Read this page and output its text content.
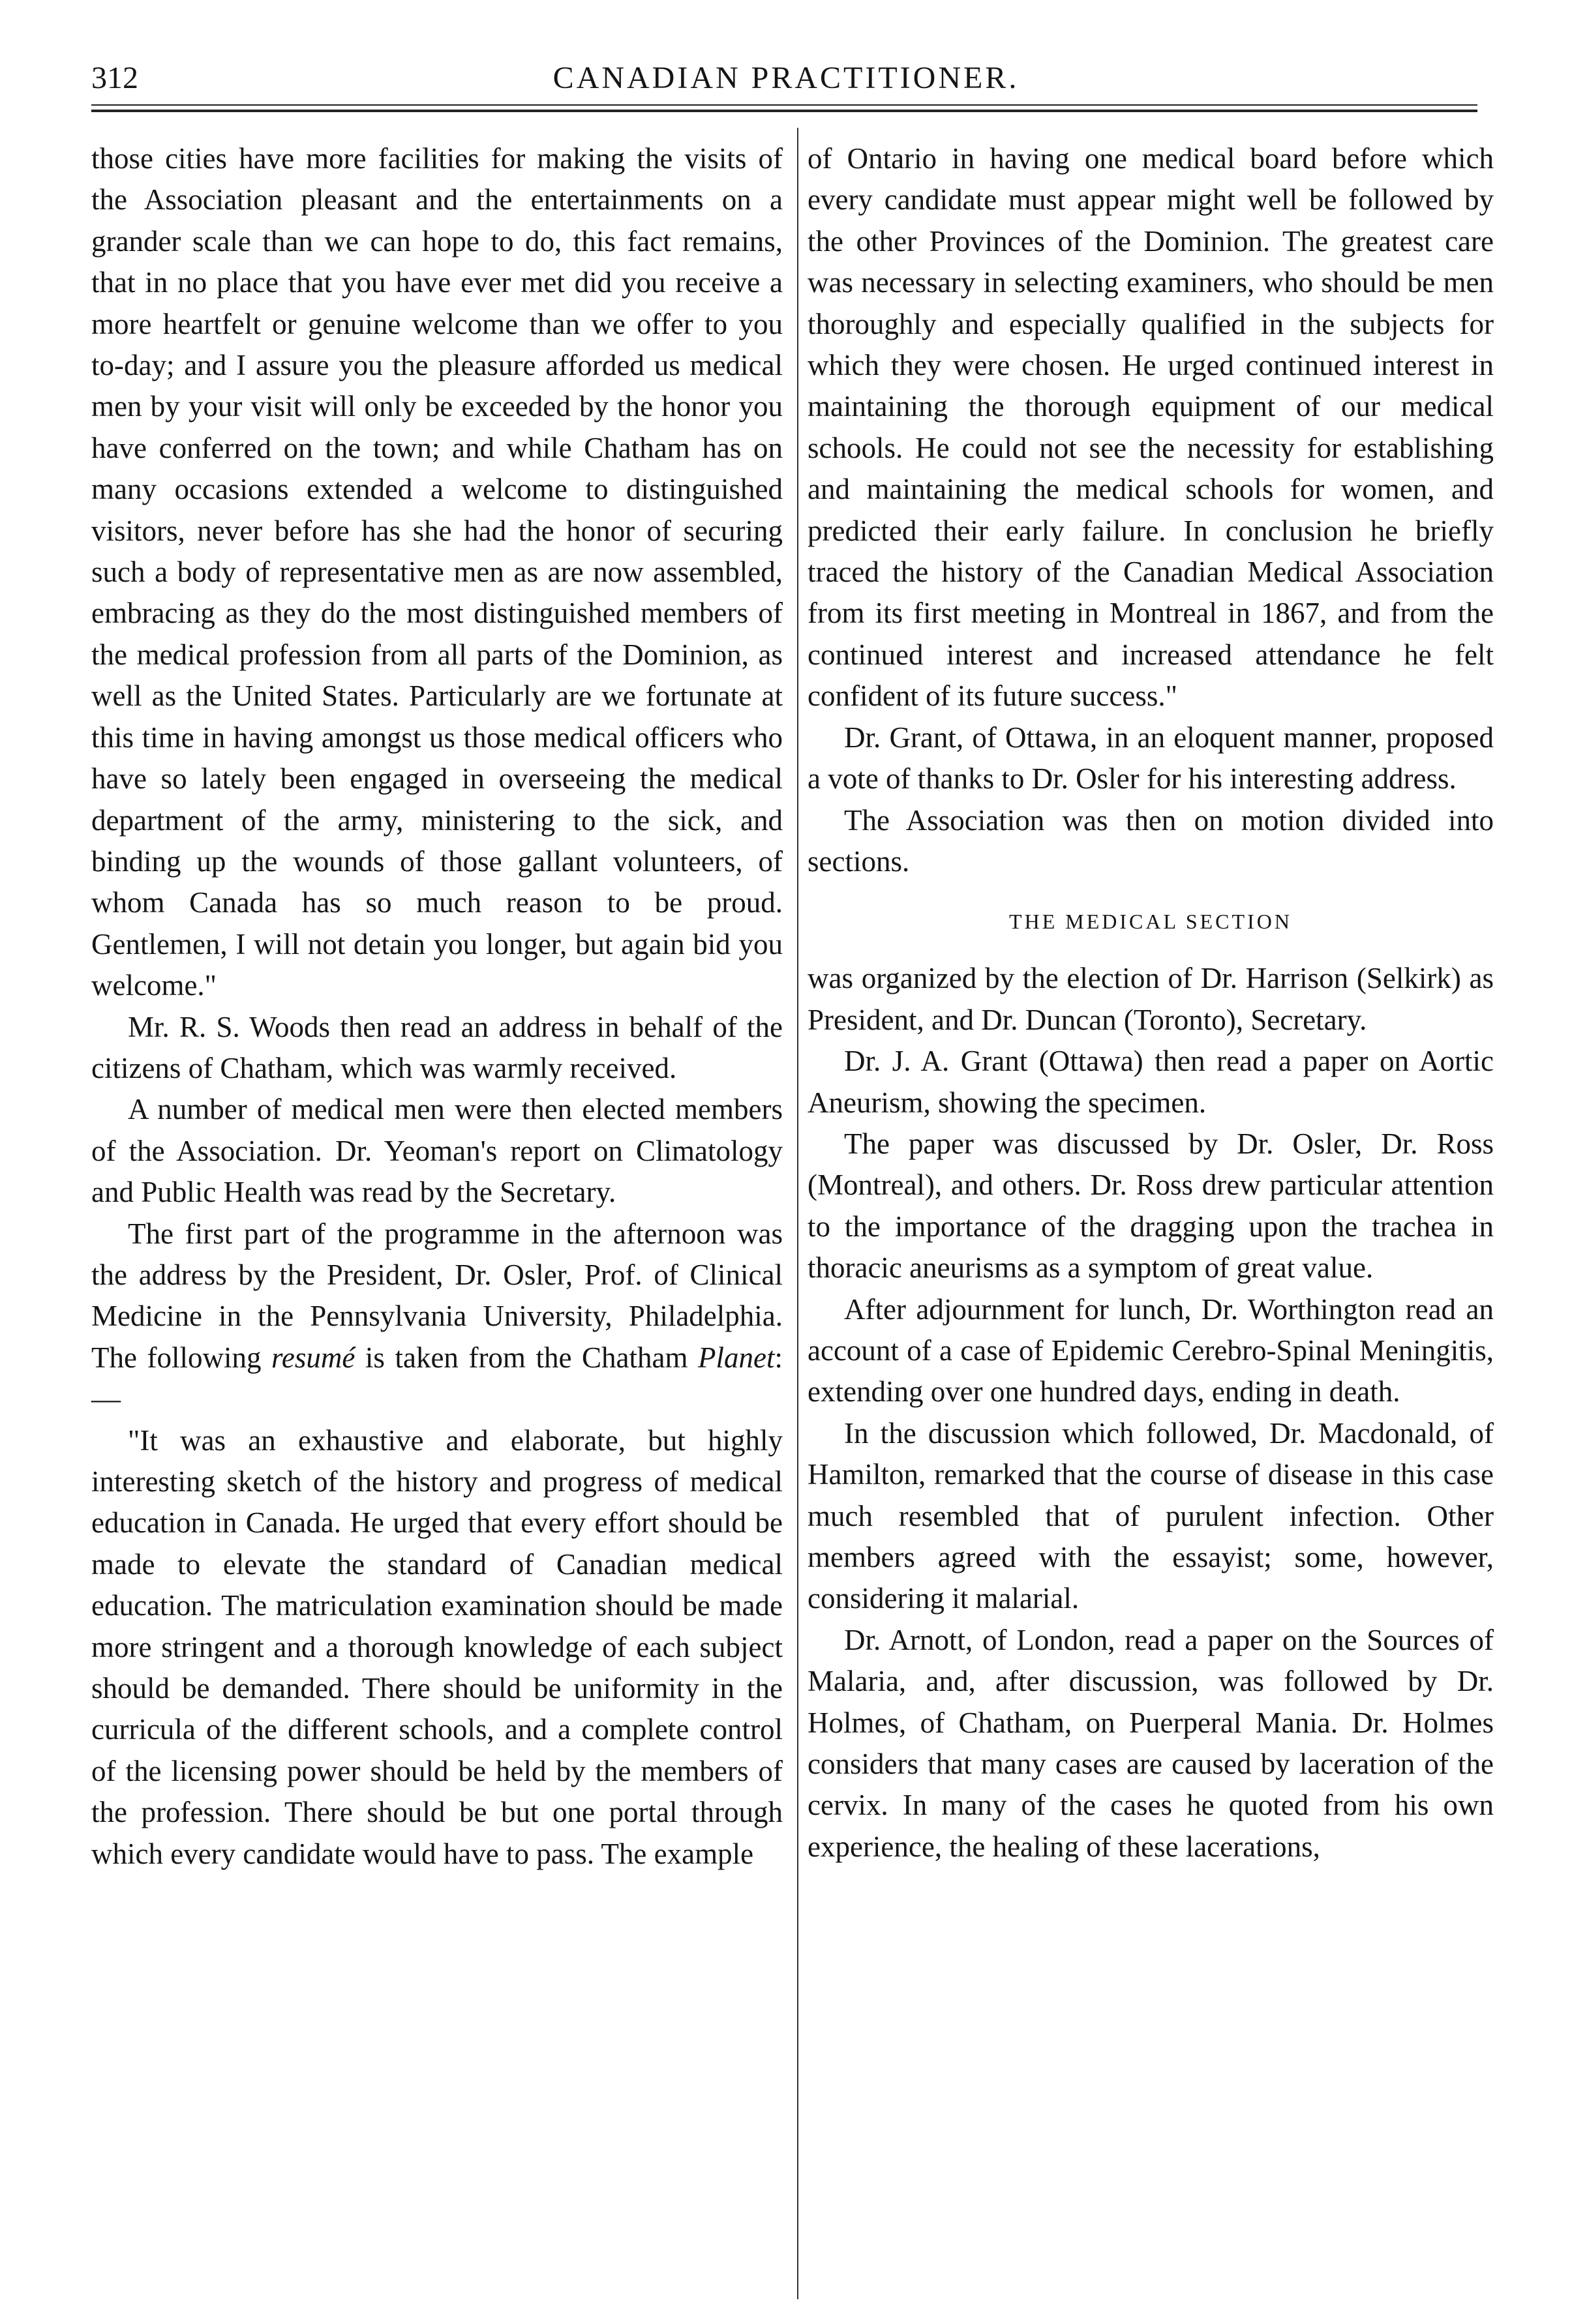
312	CANADIAN PRACTITIONER.

those cities have more facilities for making the visits of the Association pleasant and the entertainments on a grander scale than we can hope to do, this fact remains, that in no place that you have ever met did you receive a more heartfelt or genuine welcome than we offer to you to-day; and I assure you the pleasure afforded us medical men by your visit will only be exceeded by the honor you have conferred on the town; and while Chatham has on many occasions extended a welcome to distinguished visitors, never before has she had the honor of securing such a body of representative men as are now assembled, embracing as they do the most distinguished members of the medical profession from all parts of the Dominion, as well as the United States. Particularly are we fortunate at this time in having amongst us those medical officers who have so lately been engaged in overseeing the medical department of the army, ministering to the sick, and binding up the wounds of those gallant volunteers, of whom Canada has so much reason to be proud. Gentlemen, I will not detain you longer, but again bid you welcome."

Mr. R. S. Woods then read an address in behalf of the citizens of Chatham, which was warmly received.

A number of medical men were then elected members of the Association. Dr. Yeoman's report on Climatology and Public Health was read by the Secretary.

The first part of the programme in the afternoon was the address by the President, Dr. Osler, Prof. of Clinical Medicine in the Pennsylvania University, Philadelphia. The following resumé is taken from the Chatham Planet:—

"It was an exhaustive and elaborate, but highly interesting sketch of the history and progress of medical education in Canada. He urged that every effort should be made to elevate the standard of Canadian medical education. The matriculation examination should be made more stringent and a thorough knowledge of each subject should be demanded. There should be uniformity in the curricula of the different schools, and a complete control of the licensing power should be held by the members of the profession. There should be but one portal through which every candidate would have to pass. The example

of Ontario in having one medical board before which every candidate must appear might well be followed by the other Provinces of the Dominion. The greatest care was necessary in selecting examiners, who should be men thoroughly and especially qualified in the subjects for which they were chosen. He urged continued interest in maintaining the thorough equipment of our medical schools. He could not see the necessity for establishing and maintaining the medical schools for women, and predicted their early failure. In conclusion he briefly traced the history of the Canadian Medical Association from its first meeting in Montreal in 1867, and from the continued interest and increased attendance he felt confident of its future success."

Dr. Grant, of Ottawa, in an eloquent manner, proposed a vote of thanks to Dr. Osler for his interesting address.

The Association was then on motion divided into sections.

THE MEDICAL SECTION

was organized by the election of Dr. Harrison (Selkirk) as President, and Dr. Duncan (Toronto), Secretary.

Dr. J. A. Grant (Ottawa) then read a paper on Aortic Aneurism, showing the specimen.

The paper was discussed by Dr. Osler, Dr. Ross (Montreal), and others. Dr. Ross drew particular attention to the importance of the dragging upon the trachea in thoracic aneurisms as a symptom of great value.

After adjournment for lunch, Dr. Worthington read an account of a case of Epidemic Cerebro-Spinal Meningitis, extending over one hundred days, ending in death.

In the discussion which followed, Dr. Macdonald, of Hamilton, remarked that the course of disease in this case much resembled that of purulent infection. Other members agreed with the essayist; some, however, considering it malarial.

Dr. Arnott, of London, read a paper on the Sources of Malaria, and, after discussion, was followed by Dr. Holmes, of Chatham, on Puerperal Mania. Dr. Holmes considers that many cases are caused by laceration of the cervix. In many of the cases he quoted from his own experience, the healing of these lacerations,
